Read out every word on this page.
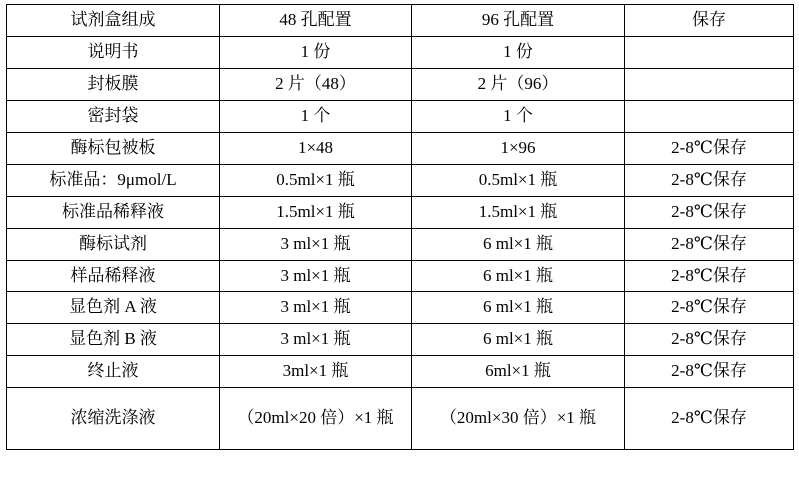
试剂盒组成	48 孔配置	96 孔配置	保存
说明书	1 份	1 份	
封板膜	2 片（48）	2 片（96）	
密封袋	1 个	1 个	
酶标包被板	1×48	1×96	2-8℃保存
标准品：9μmol/L	0.5ml×1 瓶	0.5ml×1 瓶	2-8℃保存
标准品稀释液	1.5ml×1 瓶	1.5ml×1 瓶	2-8℃保存
酶标试剂	3 ml×1 瓶	6 ml×1 瓶	2-8℃保存
样品稀释液	3 ml×1 瓶	6 ml×1 瓶	2-8℃保存
显色剂 A 液	3 ml×1 瓶	6 ml×1 瓶	2-8℃保存
显色剂 B 液	3 ml×1 瓶	6 ml×1 瓶	2-8℃保存
终止液	3ml×1 瓶	6ml×1 瓶	2-8℃保存
浓缩洗涤液	（20ml×20 倍）×1 瓶	（20ml×30 倍）×1 瓶	2-8℃保存
